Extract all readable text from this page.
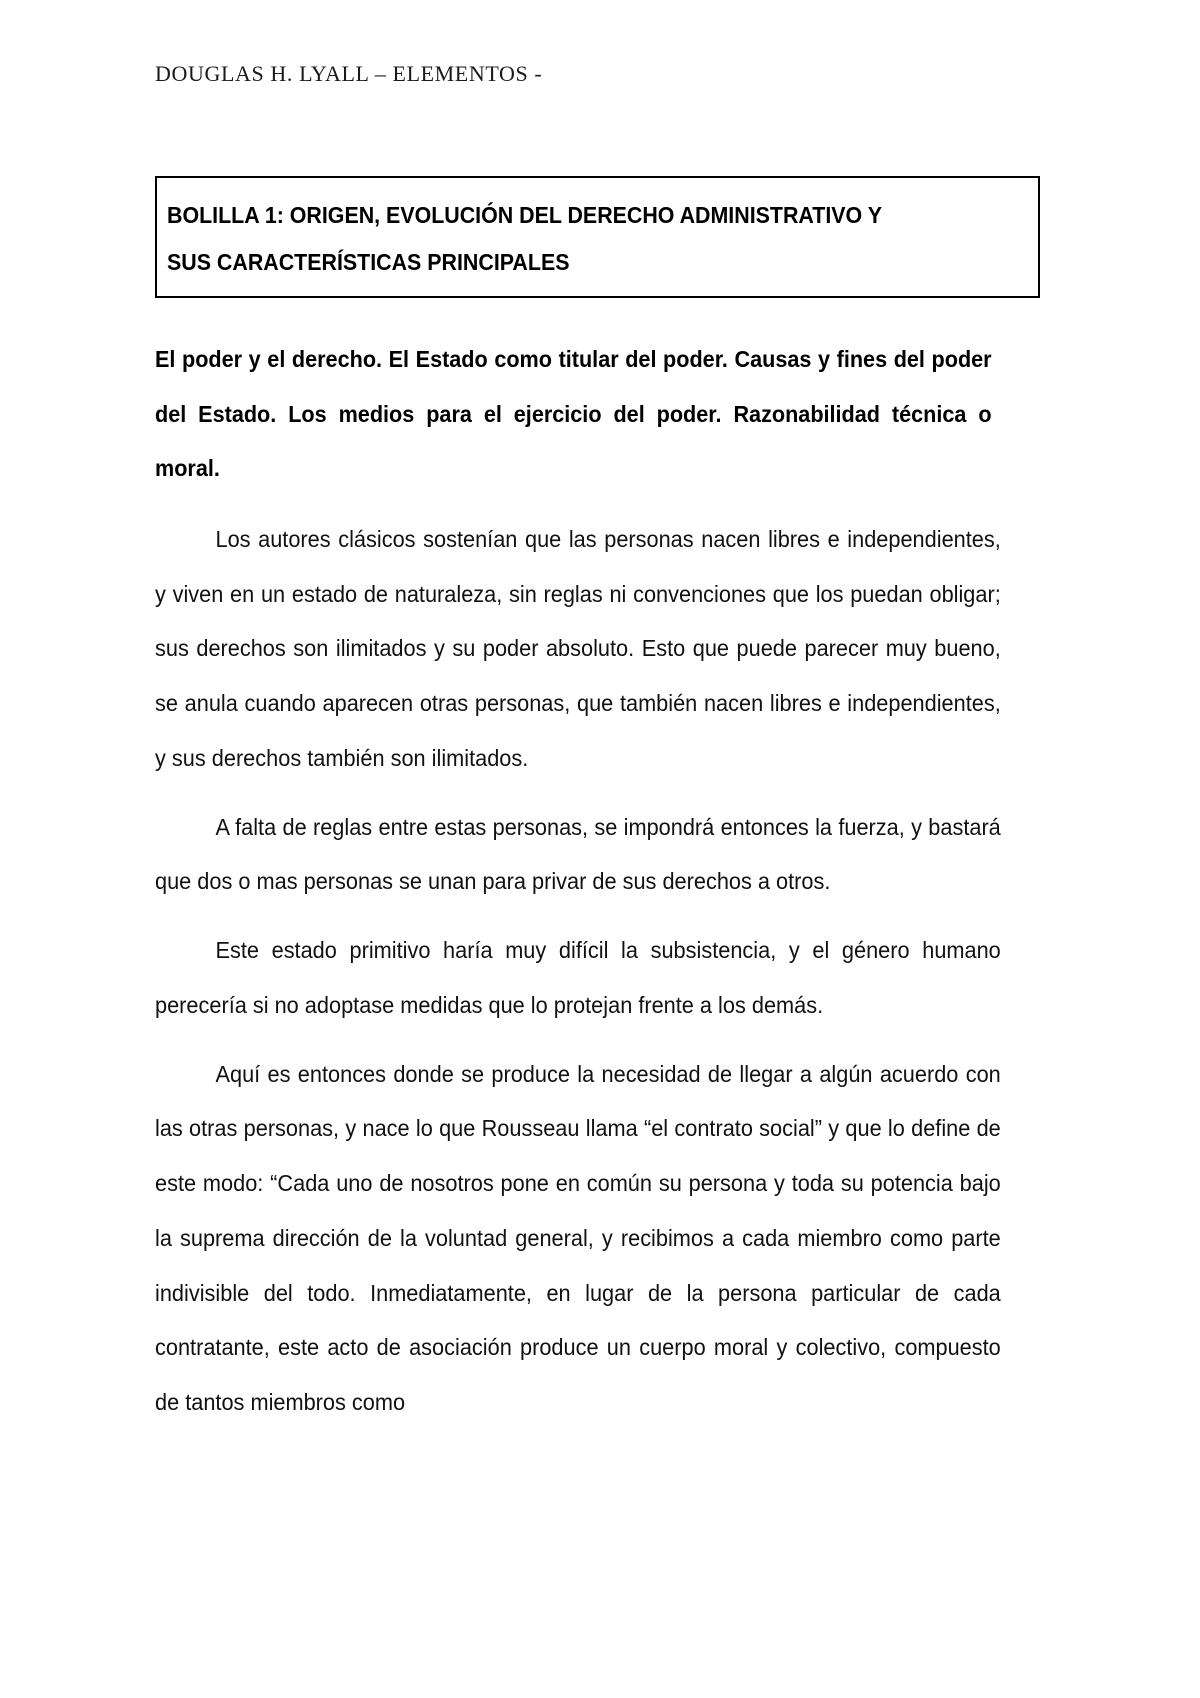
DOUGLAS H. LYALL – ELEMENTOS -

BOLILLA 1: ORIGEN, EVOLUCIÓN DEL DERECHO ADMINISTRATIVO Y

SUS CARACTERÍSTICAS PRINCIPALES

El poder y el derecho. El Estado como titular del poder. Causas y fines del poder del Estado. Los medios para el ejercicio del poder. Razonabilidad técnica o moral.

Los autores clásicos sostenían que las personas nacen libres e independientes, y viven en un estado de naturaleza, sin reglas ni convenciones que los puedan obligar; sus derechos son ilimitados y su poder absoluto. Esto que puede parecer muy bueno, se anula cuando aparecen otras personas, que también nacen libres e independientes, y sus derechos también son ilimitados.

A falta de reglas entre estas personas, se impondrá entonces la fuerza, y bastará que dos o mas personas se unan para privar de sus derechos a otros.

Este estado primitivo haría muy difícil la subsistencia, y el género humano perecería si no adoptase medidas que lo protejan frente a los demás.

Aquí es entonces donde se produce la necesidad de llegar a algún acuerdo con las otras personas, y nace lo que Rousseau llama “el contrato social” y que lo define de este modo: “Cada uno de nosotros pone en común su persona y toda su potencia bajo la suprema dirección de la voluntad general, y recibimos a cada miembro como parte indivisible del todo. Inmediatamente, en lugar de la persona particular de cada contratante, este acto de asociación produce un cuerpo moral y colectivo, compuesto de tantos miembros como
